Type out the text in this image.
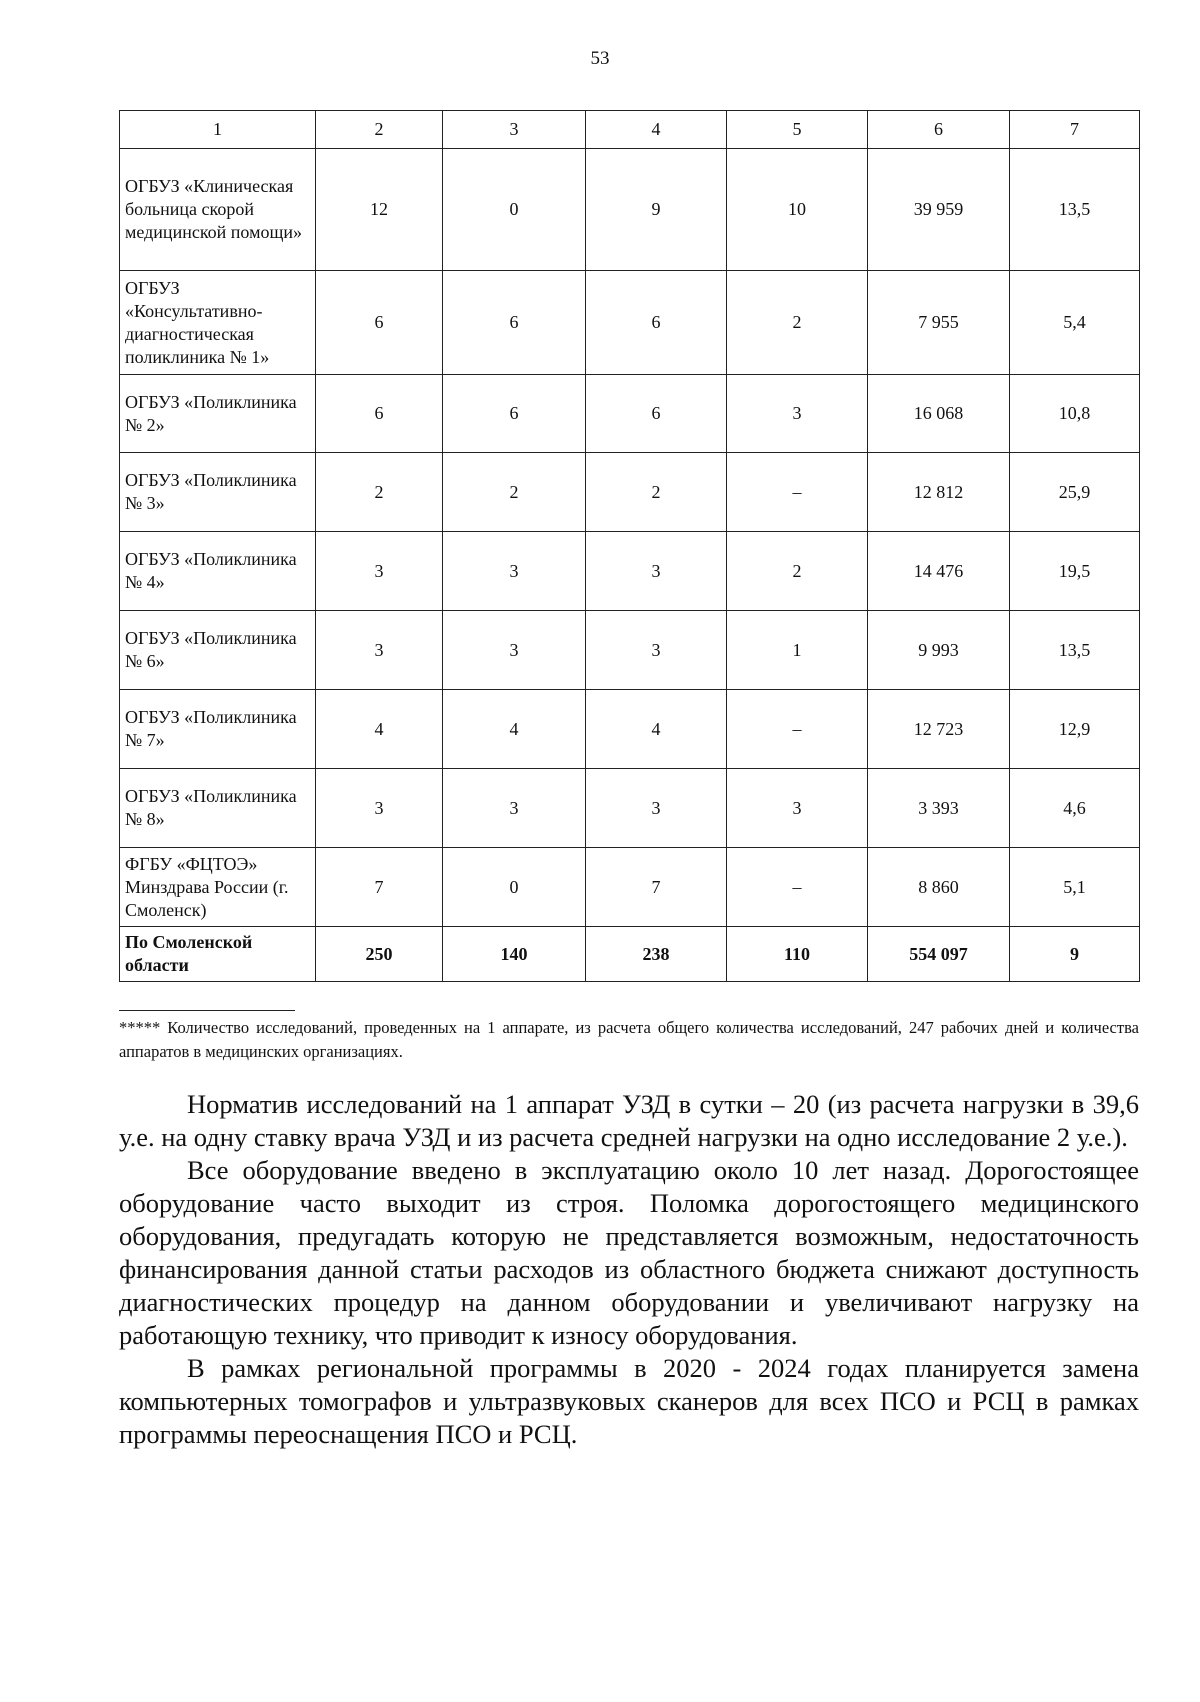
53
1	2	3	4	5	6	7
ОГБУЗ «Клиническая больница скорой медицинской помощи»	12	0	9	10	39 959	13,5
ОГБУЗ «Консультативно-диагностическая поликлиника № 1»	6	6	6	2	7 955	5,4
ОГБУЗ «Поликлиника № 2»	6	6	6	3	16 068	10,8
ОГБУЗ «Поликлиника № 3»	2	2	2	–	12 812	25,9
ОГБУЗ «Поликлиника № 4»	3	3	3	2	14 476	19,5
ОГБУЗ «Поликлиника № 6»	3	3	3	1	9 993	13,5
ОГБУЗ «Поликлиника № 7»	4	4	4	–	12 723	12,9
ОГБУЗ «Поликлиника № 8»	3	3	3	3	3 393	4,6
ФГБУ «ФЦТОЭ» Минздрава России (г. Смоленск)	7	0	7	–	8 860	5,1
По Смоленской области	250	140	238	110	554 097	9
***** Количество исследований, проведенных на 1 аппарате, из расчета общего количества исследований, 247 рабочих дней и количества аппаратов в медицинских организациях.

Норматив исследований на 1 аппарат УЗД в сутки – 20 (из расчета нагрузки в 39,6 у.е. на одну ставку врача УЗД и из расчета средней нагрузки на одно исследование 2 у.е.).

Все оборудование введено в эксплуатацию около 10 лет назад. Дорогостоящее оборудование часто выходит из строя. Поломка дорогостоящего медицинского оборудования, предугадать которую не представляется возможным, недостаточность финансирования данной статьи расходов из областного бюджета снижают доступность диагностических процедур на данном оборудовании и увеличивают нагрузку на работающую технику, что приводит к износу оборудования.

В рамках региональной программы в 2020 - 2024 годах планируется замена компьютерных томографов и ультразвуковых сканеров для всех ПСО и РСЦ в рамках программы переоснащения ПСО и РСЦ.
